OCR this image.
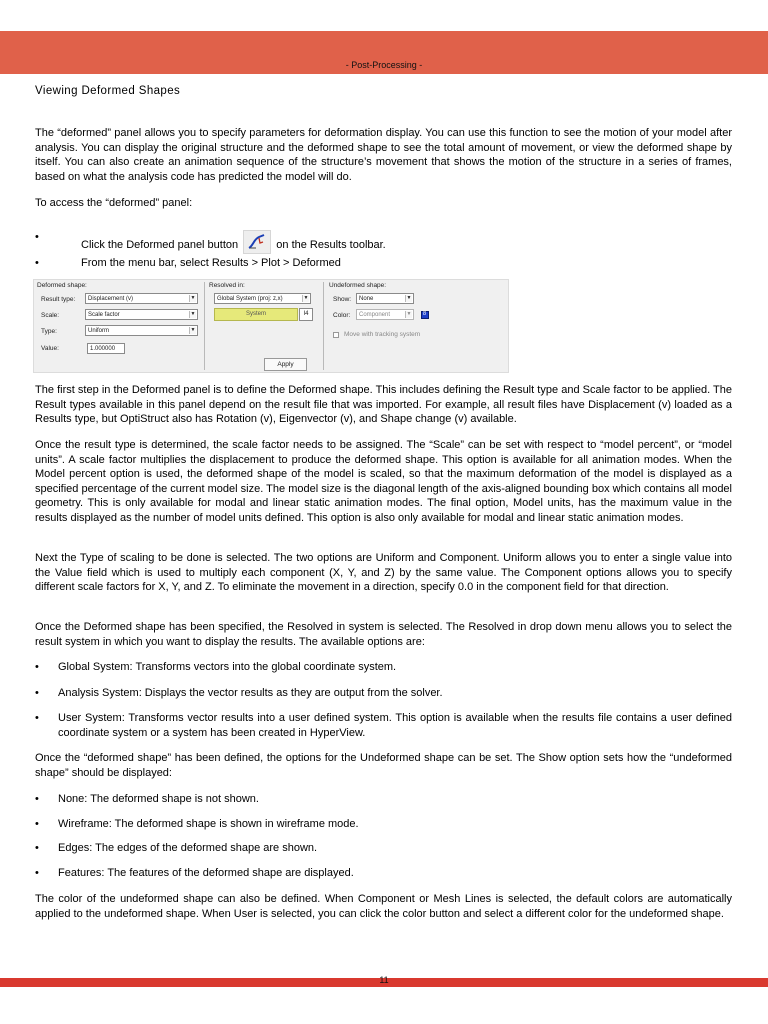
- Post-Processing -
Viewing Deformed Shapes

The “deformed” panel allows you to specify parameters for deformation display. You can use this function to see the motion of your model after analysis. You can display the original structure and the deformed shape to see the total amount of movement, or view the deformed shape by itself. You can also create an animation sequence of the structure’s movement that shows the motion of the structure in a series of frames, based on what the analysis code has predicted the model will do.

To access the “deformed” panel:

•
Click the Deformed panel button	on the Results toolbar.
•	From the menu bar, select Results > Plot > Deformed
Deformed shape:
Result type:	Displacement (v)	▼
Scale:	Scale factor	▼
Type:	Uniform	▼
Value:	1.000000
Resolved in:
Global System (proj: z,x)	▼
System	I4
Apply
Undeformed shape:
Show:	None	▼
Color:	Component	▼ 8
Move with tracking system

The first step in the Deformed panel is to define the Deformed shape. This includes defining the Result type and Scale factor to be applied. The Result types available in this panel depend on the result file that was imported. For example, all result files have Displacement (v) loaded as a Results type, but OptiStruct also has Rotation (v), Eigenvector (v), and Shape change (v) available.

Once the result type is determined, the scale factor needs to be assigned. The “Scale” can be set with respect to “model percent”, or “model units”. A scale factor multiplies the displacement to produce the deformed shape. This option is available for all animation modes. When the Model percent option is used, the deformed shape of the model is scaled, so that the maximum deformation of the model is displayed as a specified percentage of the current model size. The model size is the diagonal length of the axis-aligned bounding box which contains all model geometry. This is only available for modal and linear static animation modes. The final option, Model units, has the maximum value in the results displayed as the number of model units defined. This option is also only available for modal and linear static animation modes.

Next the Type of scaling to be done is selected. The two options are Uniform and Component. Uniform allows you to enter a single value into the Value field which is used to multiply each component (X, Y, and Z) by the same value. The Component options allows you to specify different scale factors for X, Y, and Z. To eliminate the movement in a direction, specify 0.0 in the component field for that direction.

Once the Deformed shape has been specified, the Resolved in system is selected. The Resolved in drop down menu allows you to select the result system in which you want to display the results. The available options are:

• Global System: Transforms vectors into the global coordinate system.
• Analysis System: Displays the vector results as they are output from the solver.
• User System: Transforms vector results into a user defined system. This option is available when the results file contains a user defined coordinate system or a system has been created in HyperView.

Once the “deformed shape” has been defined, the options for the Undeformed shape can be set. The Show option sets how the “undeformed shape” should be displayed:

• None: The deformed shape is not shown.
• Wireframe: The deformed shape is shown in wireframe mode.
• Edges: The edges of the deformed shape are shown.
• Features: The features of the deformed shape are displayed.

The color of the undeformed shape can also be defined. When Component or Mesh Lines is selected, the default colors are automatically applied to the undeformed shape. When User is selected, you can click the color button and select a different color for the undeformed shape.

11
